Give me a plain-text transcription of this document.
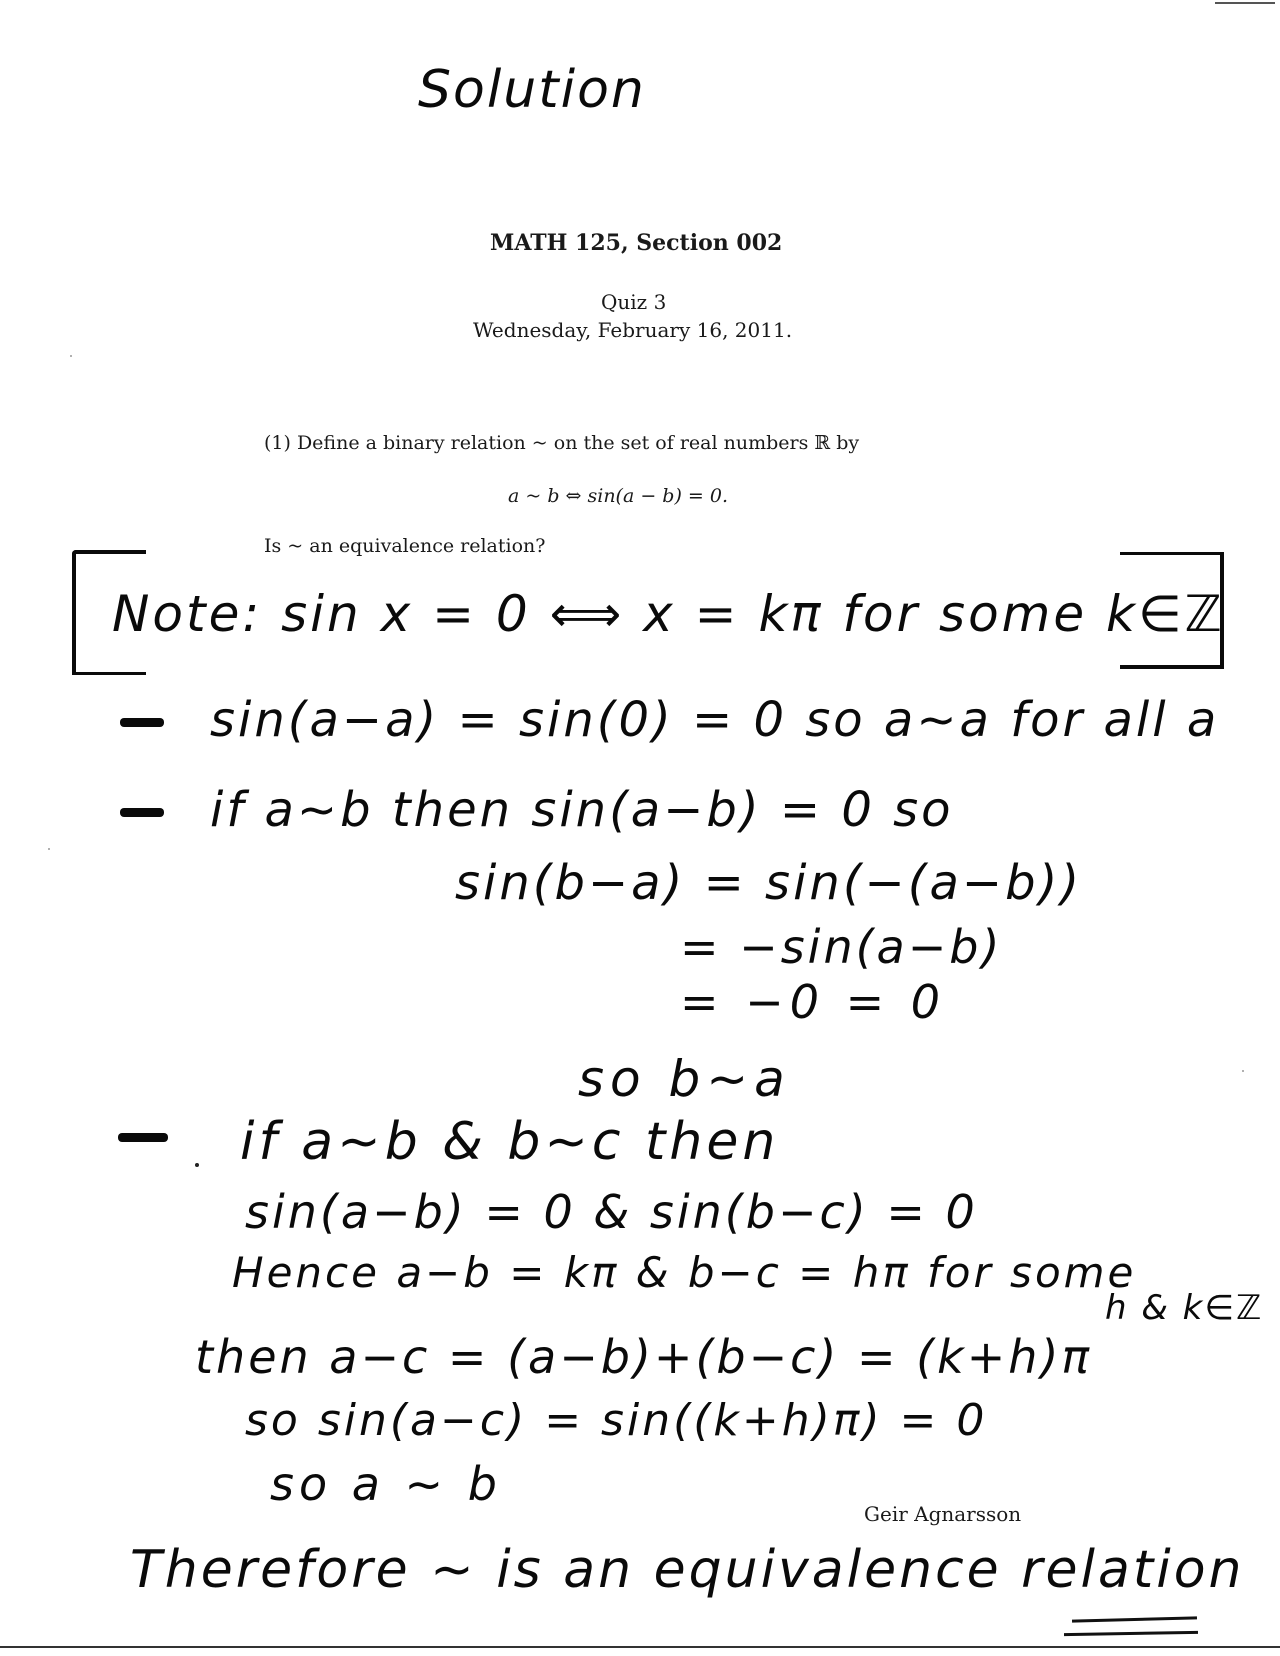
Solution
MATH 125, Section 002
Quiz 3
Wednesday, February 16, 2011.
(1) Define a binary relation ~ on the set of real numbers ℝ by
a ~ b ⇔ sin(a − b) = 0.
Is ~ an equivalence relation?
Note: sin x = 0 ⟺ x = kπ for some k∈ℤ
sin(a−a) = sin(0) = 0 so a~a for all a
if a~b then sin(a−b) = 0 so
sin(b−a) = sin(−(a−b))
= −sin(a−b)
= −0 = 0
so b~a
if a~b & b~c then
sin(a−b) = 0 & sin(b−c) = 0
Hence a−b = kπ & b−c = hπ for some
h & k∈ℤ
then a−c = (a−b)+(b−c) = (k+h)π
so sin(a−c) = sin((k+h)π) = 0
so a ~ b
Geir Agnarsson
Therefore ~ is an equivalence relation
